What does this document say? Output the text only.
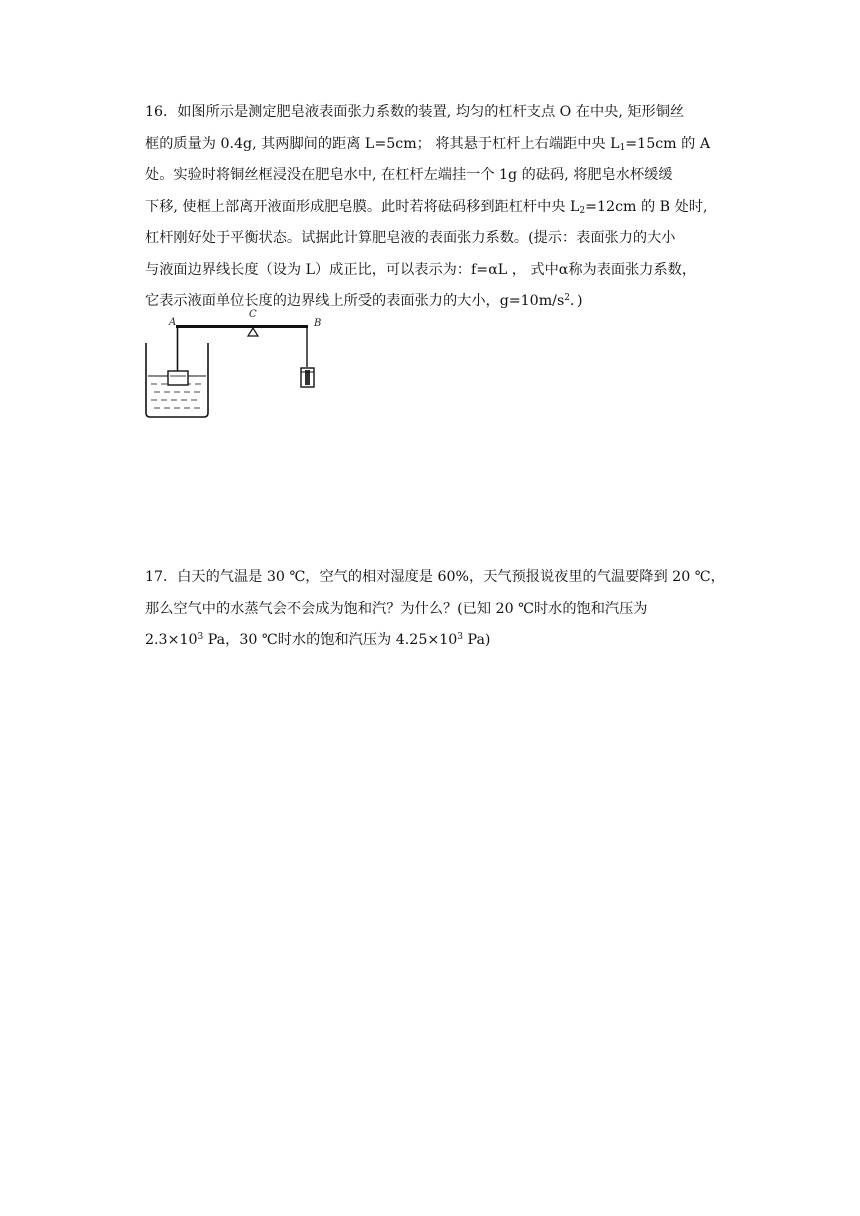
16．如图所示是测定肥皂液表面张力系数的装置, 均匀的杠杆支点 O 在中央, 矩形铜丝
框的质量为 0.4g, 其两脚间的距离 L=5cm； 将其悬于杠杆上右端距中央 $L_1=15cm$ 的 A
处。实验时将铜丝框浸没在肥皂水中, 在杠杆左端挂一个 1g 的砝码, 将肥皂水杯缓缓
下移, 使框上部离开液面形成肥皂膜。此时若将砝码移到距杠杆中央 $L_2=12cm$ 的 B 处时,
杠杆刚好处于平衡状态。试据此计算肥皂液的表面张力系数。(提示：表面张力的大小
与液面边界线长度（设为 L）成正比，可以表示为：f=αL ， 式中α称为表面张力系数，
它表示液面单位长度的边界线上所受的表面张力的大小，$g=10m/s^2$．)
A
C
B
17．白天的气温是 30 ℃，空气的相对湿度是 60%，天气预报说夜里的气温要降到 20 ℃，
那么空气中的水蒸气会不会成为饱和汽？为什么？(已知 20 ℃时水的饱和汽压为
$2.3\times 10^3$ Pa，30 ℃时水的饱和汽压为 $4.25\times 10^3$ Pa)
